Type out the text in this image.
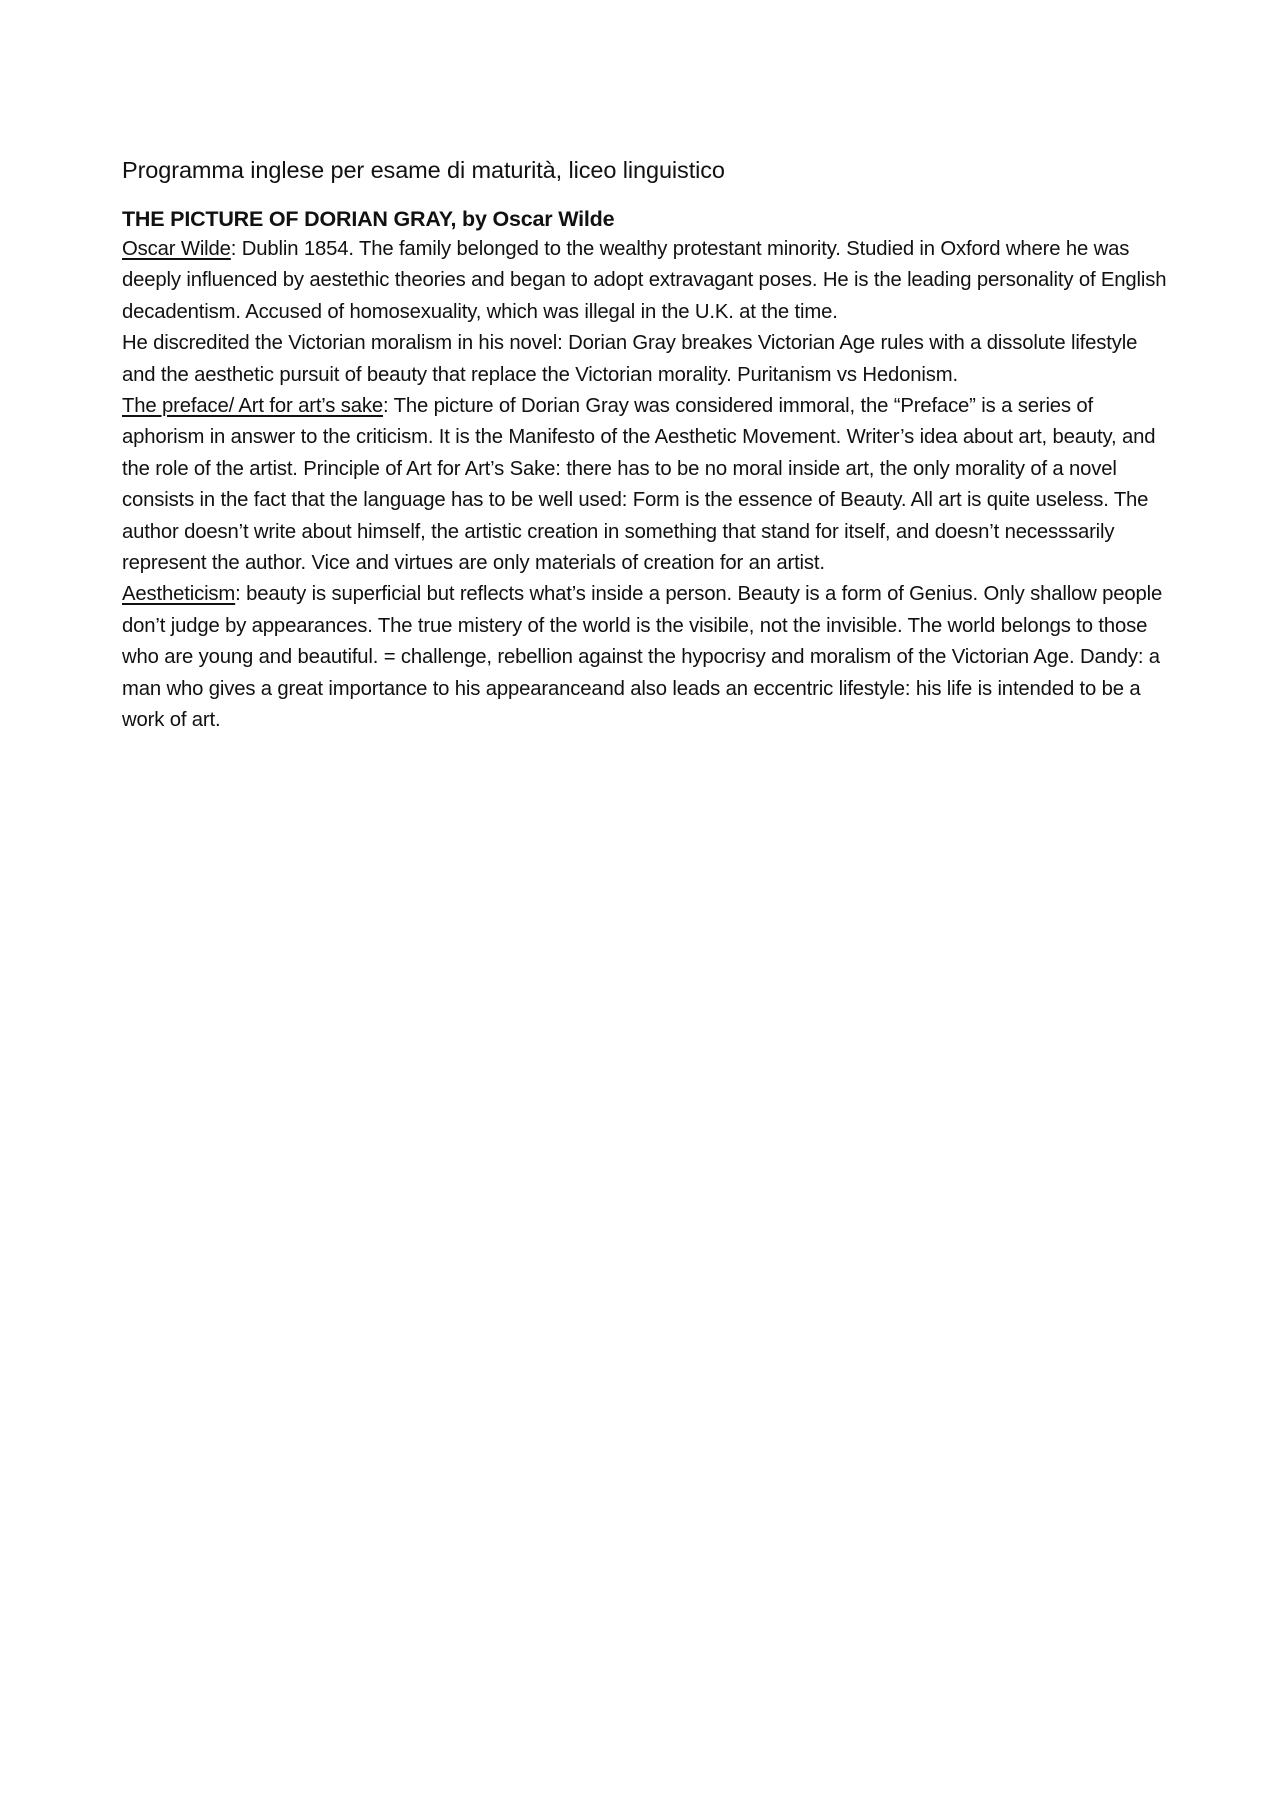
Programma inglese per esame di maturità, liceo linguistico

THE PICTURE OF DORIAN GRAY, by Oscar Wilde

Oscar Wilde: Dublin 1854. The family belonged to the wealthy protestant minority. Studied in Oxford where he was deeply influenced by aestethic theories and began to adopt extravagant poses. He is the leading personality of English decadentism. Accused of homosexuality, which was illegal in the U.K. at the time.

He discredited the Victorian moralism in his novel: Dorian Gray breakes Victorian Age rules with a dissolute lifestyle and the aesthetic pursuit of beauty that replace the Victorian morality. Puritanism vs Hedonism.

The preface/ Art for art’s sake: The picture of Dorian Gray was considered immoral, the “Preface” is a series of aphorism in answer to the criticism. It is the Manifesto of the Aesthetic Movement. Writer’s idea about art, beauty, and the role of the artist. Principle of Art for Art’s Sake: there has to be no moral inside art, the only morality of a novel consists in the fact that the language has to be well used: Form is the essence of Beauty. All art is quite useless. The author doesn’t write about himself, the artistic creation in something that stand for itself, and doesn’t necesssarily represent the author. Vice and virtues are only materials of creation for an artist.

Aestheticism: beauty is superficial but reflects what’s inside a person. Beauty is a form of Genius. Only shallow people don’t judge by appearances. The true mistery of the world is the visibile, not the invisible. The world belongs to those who are young and beautiful. = challenge, rebellion against the hypocrisy and moralism of the Victorian Age. Dandy: a man who gives a great importance to his appearanceand also leads an eccentric lifestyle: his life is intended to be a work of art.
